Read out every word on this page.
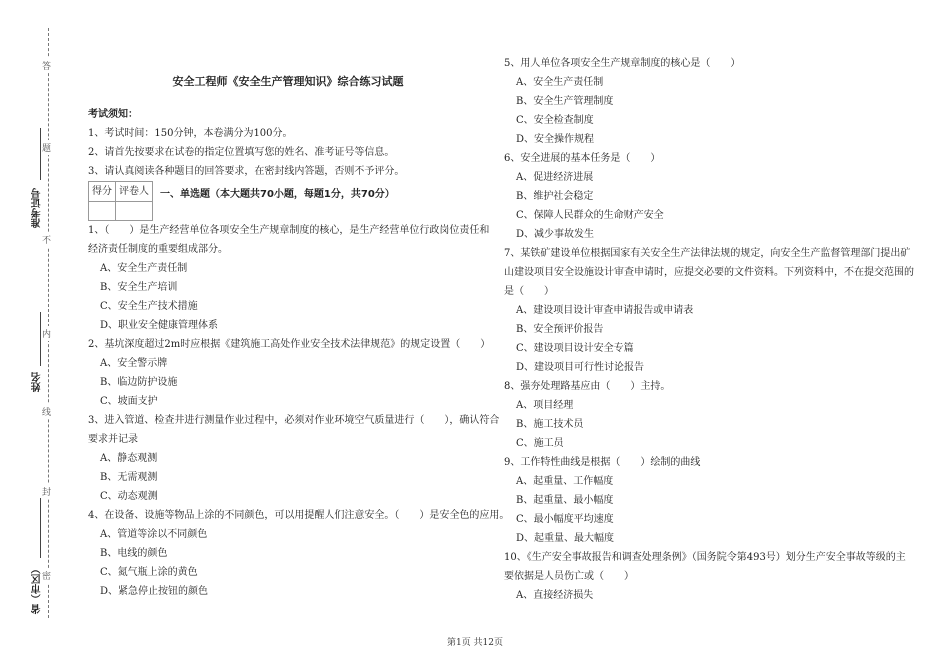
答
题
不
内
线
封
密
准考证号
姓名
省（市区）
安全工程师《安全生产管理知识》综合练习试题
考试须知：
1、考试时间：150分钟，本卷满分为100分。
2、请首先按要求在试卷的指定位置填写您的姓名、准考证号等信息。
3、请认真阅读各种题目的回答要求，在密封线内答题，否则不予评分。
得分	评卷人
	一、单选题（本大题共70小题，每题1分，共70分）
1、（　　）是生产经营单位各项安全生产规章制度的核心，是生产经营单位行政岗位责任和
经济责任制度的重要组成部分。
A、安全生产责任制
B、安全生产培训
C、安全生产技术措施
D、职业安全健康管理体系
2、基坑深度超过2m时应根据《建筑施工高处作业安全技术法律规范》的规定设置（　　）
A、安全警示牌
B、临边防护设施
C、坡面支护
3、进入管道、检查井进行测量作业过程中，必须对作业环境空气质量进行（　　），确认符合
要求并记录
A、静态观测
B、无需观测
C、动态观测
4、在设备、设施等物品上涂的不同颜色，可以用提醒人们注意安全。（　　）是安全色的应用。
A、管道等涂以不同颜色
B、电线的颜色
C、氮气瓶上涂的黄色
D、紧急停止按钮的颜色
5、用人单位各项安全生产规章制度的核心是（　　）
A、安全生产责任制
B、安全生产管理制度
C、安全检查制度
D、安全操作规程
6、安全进展的基本任务是（　　）
A、促进经济进展
B、维护社会稳定
C、保障人民群众的生命财产安全
D、减少事故发生
7、某铁矿建设单位根据国家有关安全生产法律法规的规定，向安全生产监督管理部门提出矿
山建设项目安全设施设计审查申请时，应提交必要的文件资料。下列资料中，不在提交范围的
是（　　）
A、建设项目设计审查申请报告或申请表
B、安全预评价报告
C、建设项目设计安全专篇
D、建设项目可行性讨论报告
8、强夯处理路基应由（　　）主持。
A、项目经理
B、施工技术员
C、施工员
9、工作特性曲线是根据（　　）绘制的曲线
A、起重量、工作幅度
B、起重量、最小幅度
C、最小幅度平均速度
D、起重量、最大幅度
10、《生产安全事故报告和调查处理条例》（国务院令第493号）划分生产安全事故等级的主
要依据是人员伤亡或（　　）
A、直接经济损失
第1页 共12页
